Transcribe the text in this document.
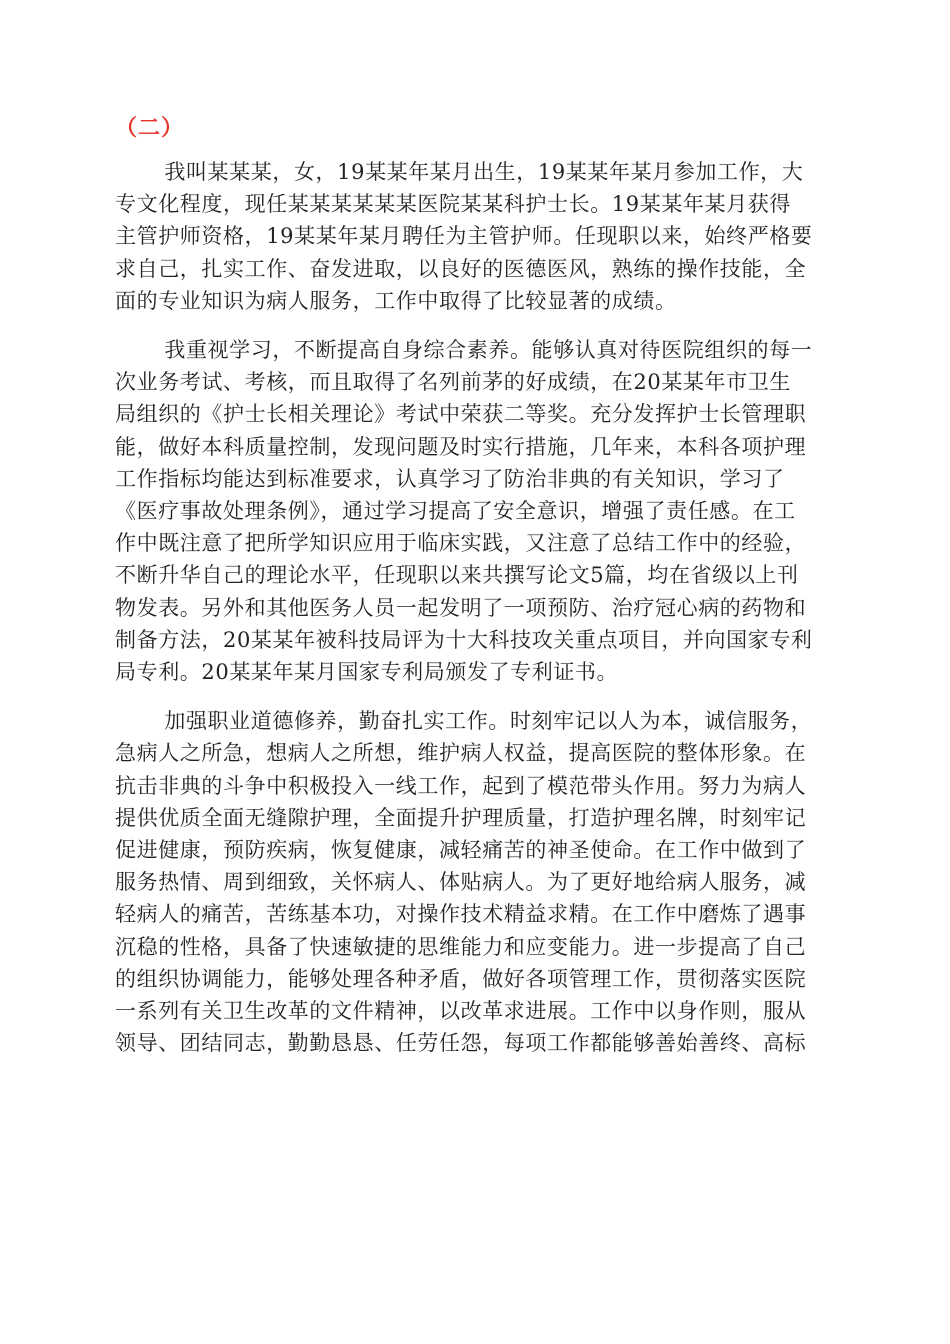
（二）

我叫某某某，女，19某某年某月出生，19某某年某月参加工作，大
专文化程度，现任某某某某某某医院某某科护士长。19某某年某月获得
主管护师资格，19某某年某月聘任为主管护师。任现职以来，始终严格要
求自己，扎实工作、奋发进取，以良好的医德医风，熟练的操作技能，全
面的专业知识为病人服务，工作中取得了比较显著的成绩。

我重视学习，不断提高自身综合素养。能够认真对待医院组织的每一
次业务考试、考核，而且取得了名列前茅的好成绩，在20某某年市卫生
局组织的《护士长相关理论》考试中荣获二等奖。充分发挥护士长管理职
能，做好本科质量控制，发现问题及时实行措施，几年来，本科各项护理
工作指标均能达到标准要求，认真学习了防治非典的有关知识，学习了
《医疗事故处理条例》，通过学习提高了安全意识，增强了责任感。在工
作中既注意了把所学知识应用于临床实践，又注意了总结工作中的经验，
不断升华自己的理论水平，任现职以来共撰写论文5篇，均在省级以上刊
物发表。另外和其他医务人员一起发明了一项预防、治疗冠心病的药物和
制备方法，20某某年被科技局评为十大科技攻关重点项目，并向国家专利
局专利。20某某年某月国家专利局颁发了专利证书。

加强职业道德修养，勤奋扎实工作。时刻牢记以人为本，诚信服务，
急病人之所急，想病人之所想，维护病人权益，提高医院的整体形象。在
抗击非典的斗争中积极投入一线工作，起到了模范带头作用。努力为病人
提供优质全面无缝隙护理，全面提升护理质量，打造护理名牌，时刻牢记
促进健康，预防疾病，恢复健康，减轻痛苦的神圣使命。在工作中做到了
服务热情、周到细致，关怀病人、体贴病人。为了更好地给病人服务，减
轻病人的痛苦，苦练基本功，对操作技术精益求精。在工作中磨炼了遇事
沉稳的性格，具备了快速敏捷的思维能力和应变能力。进一步提高了自己
的组织协调能力，能够处理各种矛盾，做好各项管理工作，贯彻落实医院
一系列有关卫生改革的文件精神，以改革求进展。工作中以身作则，服从
领导、团结同志，勤勤恳恳、任劳任怨，每项工作都能够善始善终、高标
